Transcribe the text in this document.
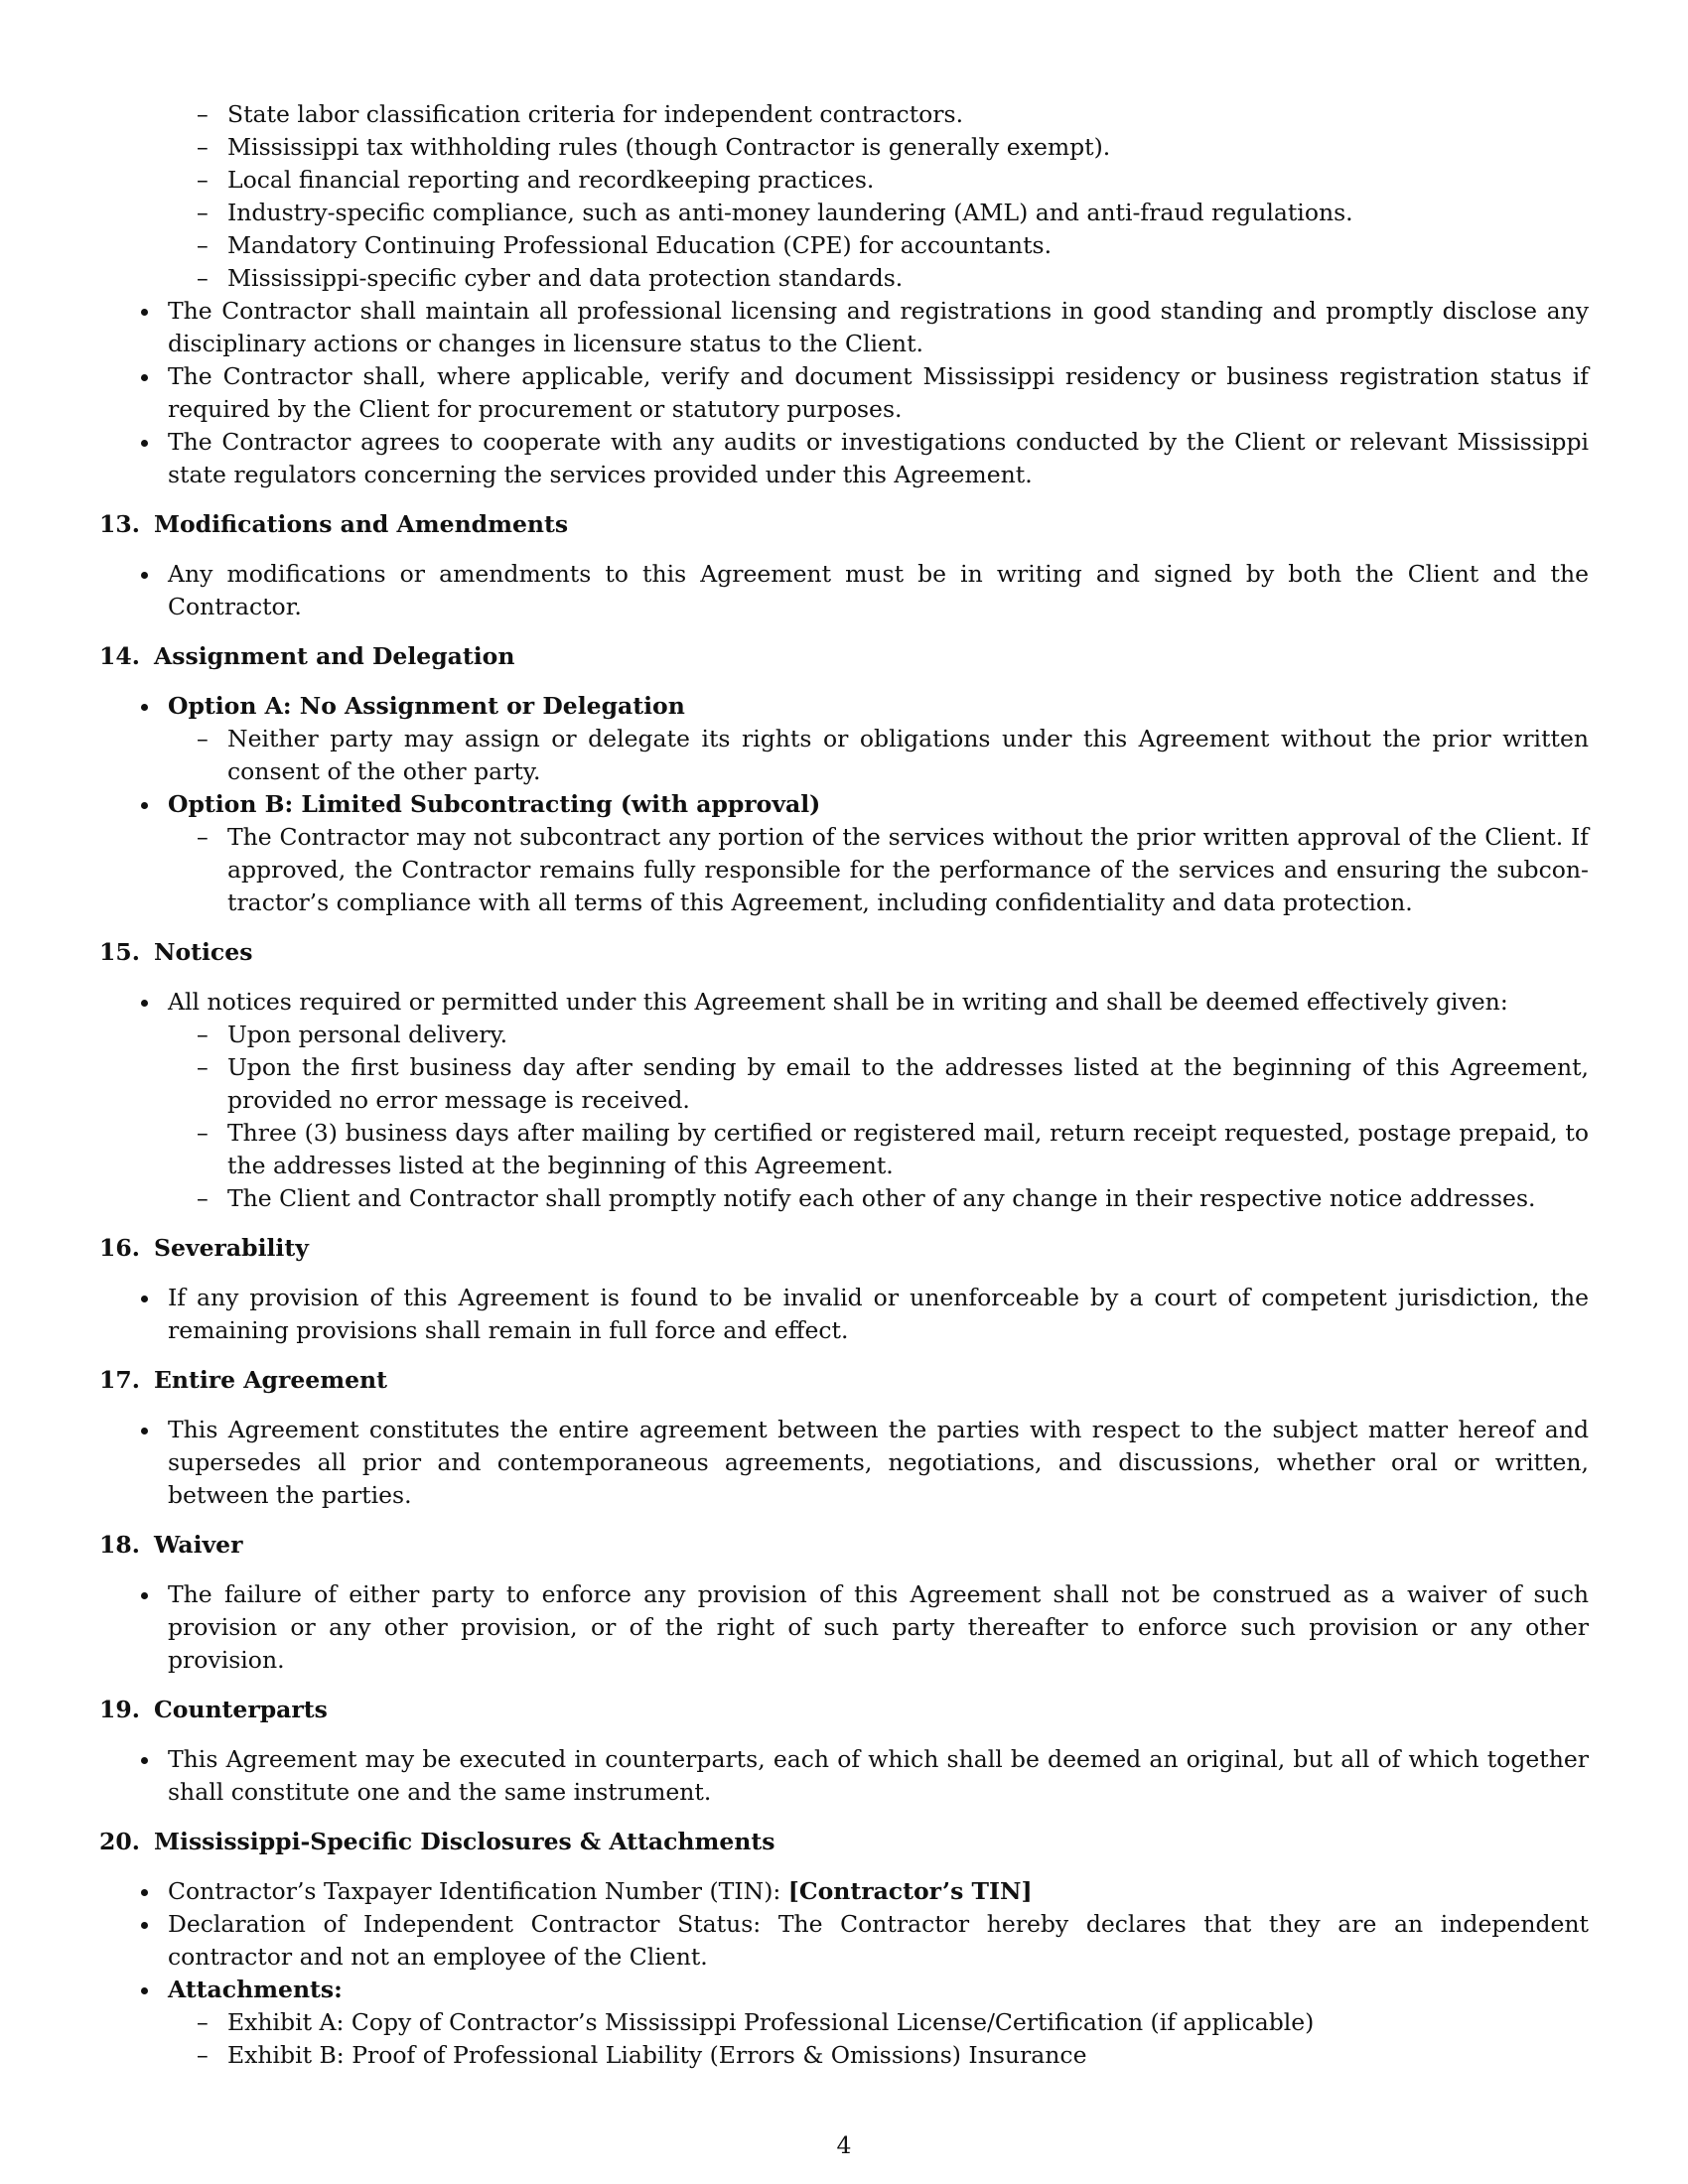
– State labor classification criteria for independent contractors.
– Mississippi tax withholding rules (though Contractor is generally exempt).
– Local financial reporting and recordkeeping practices.
– Industry-specific compliance, such as anti-money laundering (AML) and anti-fraud regulations.
– Mandatory Continuing Professional Education (CPE) for accountants.
– Mississippi-specific cyber and data protection standards.
The Contractor shall maintain all professional licensing and registrations in good standing and promptly disclose any disciplinary actions or changes in licensure status to the Client.
The Contractor shall, where applicable, verify and document Mississippi residency or business registration status if required by the Client for procurement or statutory purposes.
The Contractor agrees to cooperate with any audits or investigations conducted by the Client or relevant Mississippi state regulators concerning the services provided under this Agreement.
13. Modifications and Amendments
Any modifications or amendments to this Agreement must be in writing and signed by both the Client and the Contractor.
14. Assignment and Delegation
Option A: No Assignment or Delegation
– Neither party may assign or delegate its rights or obligations under this Agreement without the prior written consent of the other party.
Option B: Limited Subcontracting (with approval)
– The Contractor may not subcontract any portion of the services without the prior written approval of the Client. If approved, the Contractor remains fully responsible for the performance of the services and ensuring the subcontractor’s compliance with all terms of this Agreement, including confidentiality and data protection.
15. Notices
All notices required or permitted under this Agreement shall be in writing and shall be deemed effectively given:
– Upon personal delivery.
– Upon the first business day after sending by email to the addresses listed at the beginning of this Agreement, provided no error message is received.
– Three (3) business days after mailing by certified or registered mail, return receipt requested, postage prepaid, to the addresses listed at the beginning of this Agreement.
– The Client and Contractor shall promptly notify each other of any change in their respective notice addresses.
16. Severability
If any provision of this Agreement is found to be invalid or unenforceable by a court of competent jurisdiction, the remaining provisions shall remain in full force and effect.
17. Entire Agreement
This Agreement constitutes the entire agreement between the parties with respect to the subject matter hereof and supersedes all prior and contemporaneous agreements, negotiations, and discussions, whether oral or written, between the parties.
18. Waiver
The failure of either party to enforce any provision of this Agreement shall not be construed as a waiver of such provision or any other provision, or of the right of such party thereafter to enforce such provision or any other provision.
19. Counterparts
This Agreement may be executed in counterparts, each of which shall be deemed an original, but all of which together shall constitute one and the same instrument.
20. Mississippi-Specific Disclosures & Attachments
Contractor’s Taxpayer Identification Number (TIN): [Contractor’s TIN]
Declaration of Independent Contractor Status: The Contractor hereby declares that they are an independent contractor and not an employee of the Client.
Attachments:
– Exhibit A: Copy of Contractor’s Mississippi Professional License/Certification (if applicable)
– Exhibit B: Proof of Professional Liability (Errors & Omissions) Insurance
4
